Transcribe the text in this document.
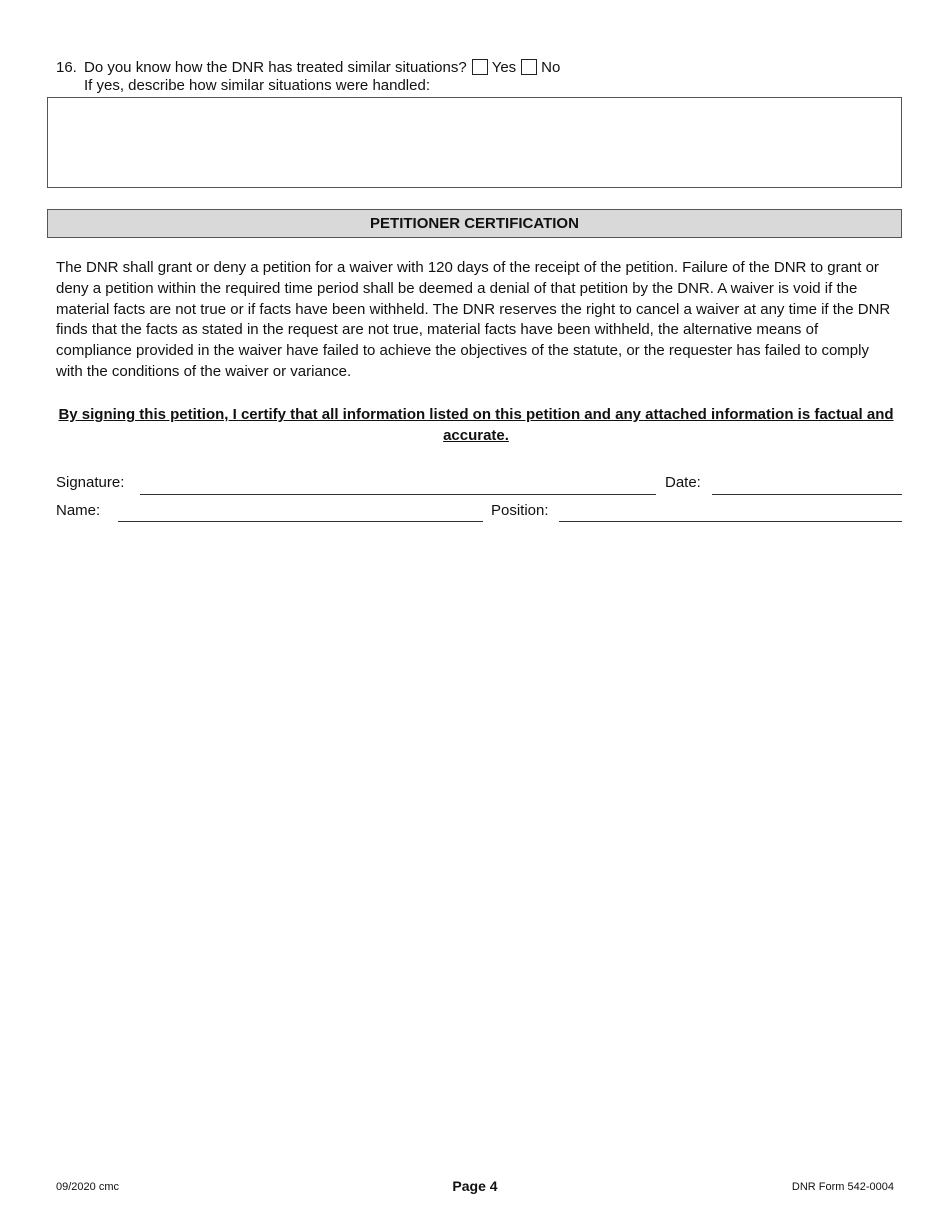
16. Do you know how the DNR has treated similar situations? Yes No
If yes, describe how similar situations were handled:
PETITIONER CERTIFICATION

The DNR shall grant or deny a petition for a waiver with 120 days of the receipt of the petition. Failure of the DNR to grant or deny a petition within the required time period shall be deemed a denial of that petition by the DNR. A waiver is void if the material facts are not true or if facts have been withheld. The DNR reserves the right to cancel a waiver at any time if the DNR finds that the facts as stated in the request are not true, material facts have been withheld, the alternative means of compliance provided in the waiver have failed to achieve the objectives of the statute, or the requester has failed to comply with the conditions of the waiver or variance.

By signing this petition, I certify that all information listed on this petition and any attached information is factual and accurate.

Signature:	Date:
Name:	Position:
09/2020 cmc	Page 4	DNR Form 542-0004
